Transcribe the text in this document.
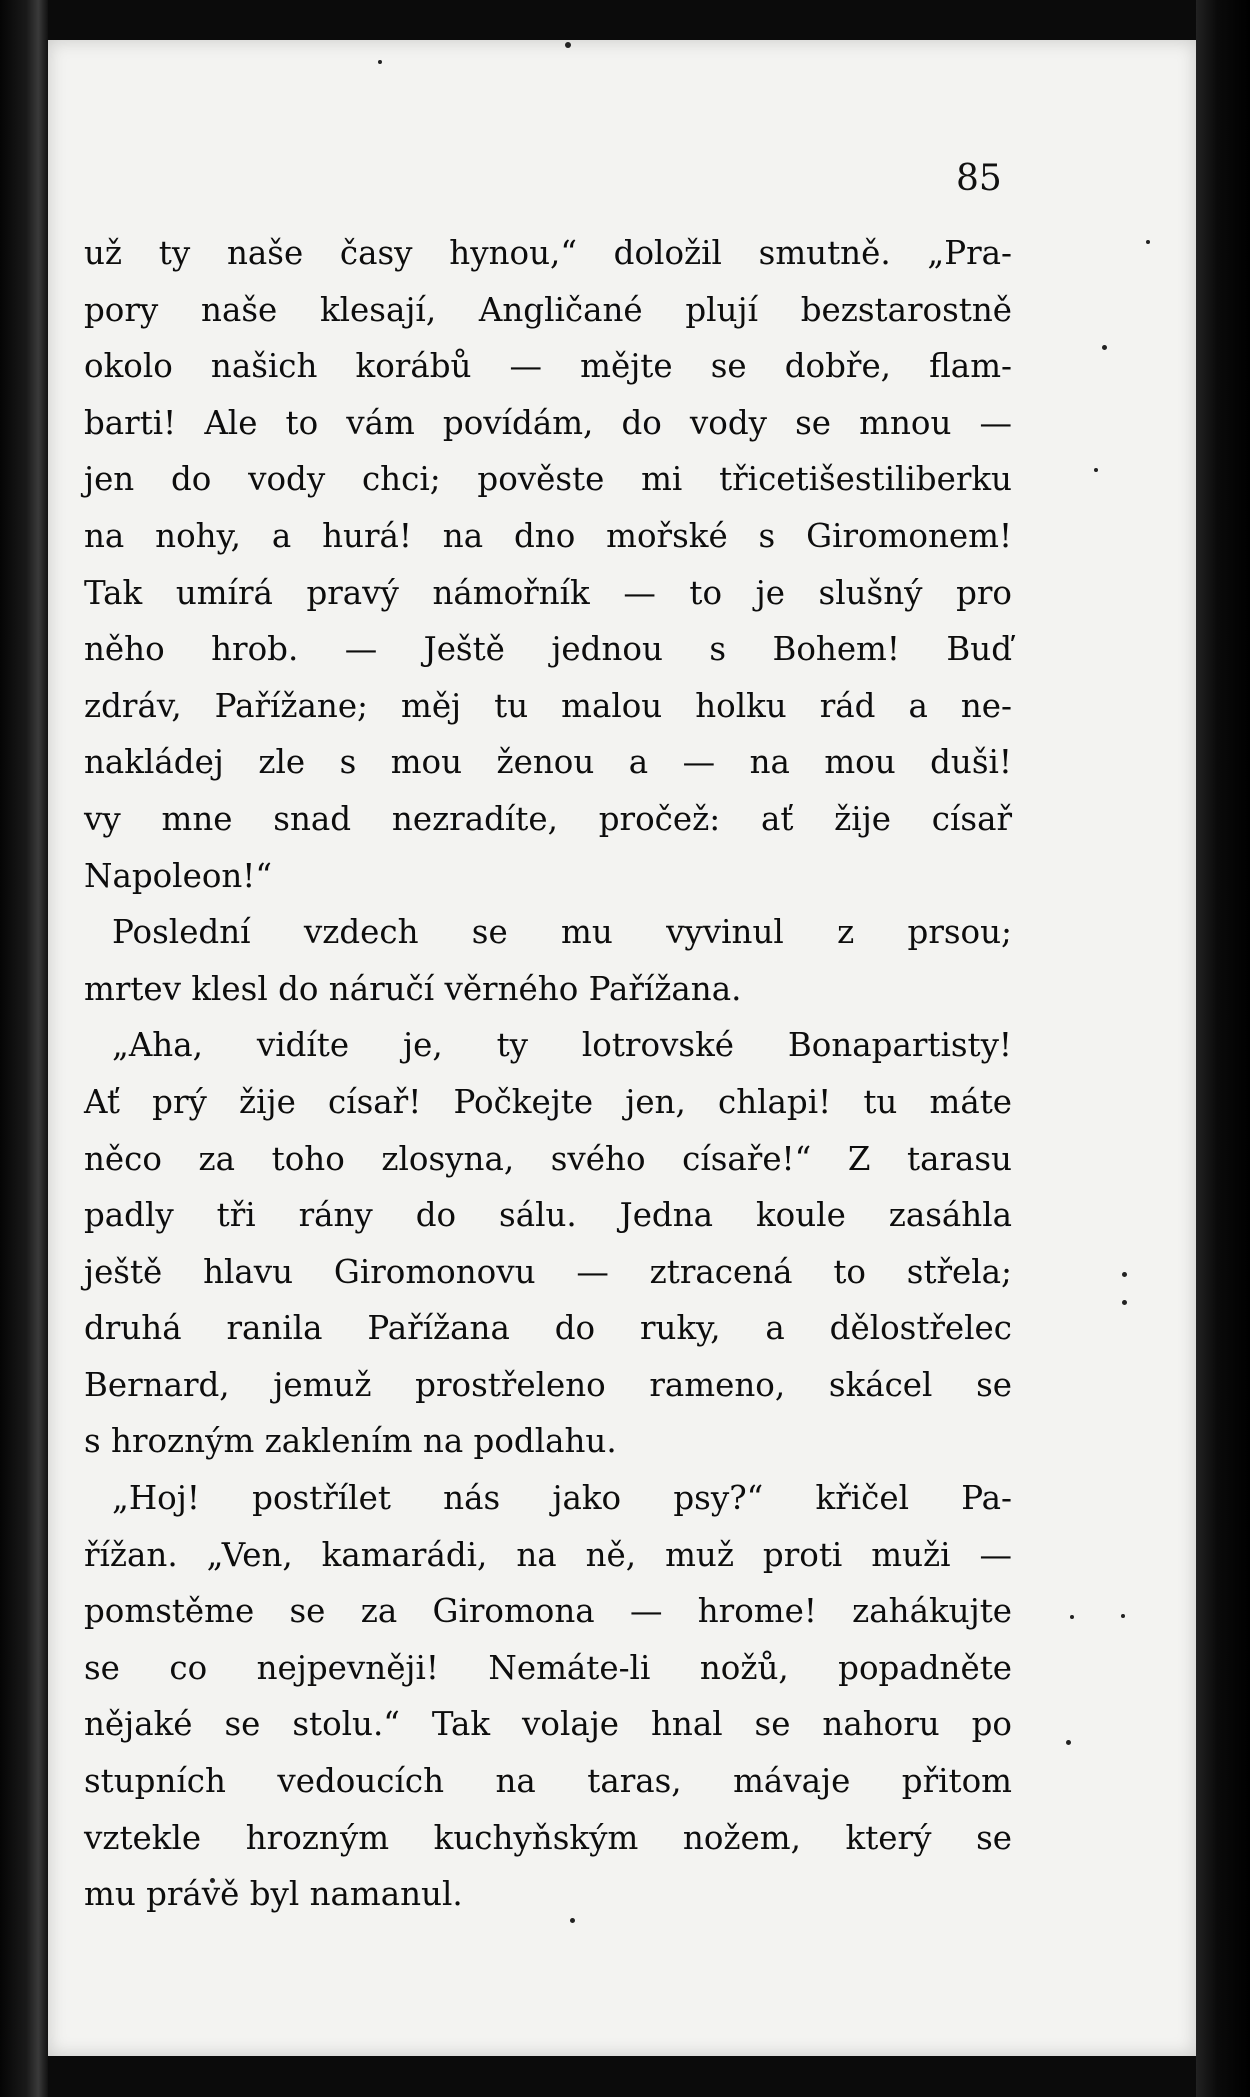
85
už ty naše časy hynou,“ doložil smutně. „Pra-
pory naše klesají, Angličané plují bezstarostně
okolo našich korábů — mějte se dobře, flam-
barti! Ale to vám povídám, do vody se mnou —
jen do vody chci; pověste mi třicetišestiliberku
na nohy, a hurá! na dno mořské s Giromonem!
Tak umírá pravý námořník — to je slušný pro
něho hrob. — Ještě jednou s Bohem! Buď
zdráv, Pařížane; měj tu malou holku rád a ne-
nakládej zle s mou ženou a — na mou duši!
vy mne snad nezradíte, pročež: ať žije císař
Napoleon!“
Poslední vzdech se mu vyvinul z prsou;
mrtev klesl do náručí věrného Pařížana.
„Aha, vidíte je, ty lotrovské Bonapartisty!
Ať prý žije císař! Počkejte jen, chlapi! tu máte
něco za toho zlosyna, svého císaře!“ Z tarasu
padly tři rány do sálu. Jedna koule zasáhla
ještě hlavu Giromonovu — ztracená to střela;
druhá ranila Pařížana do ruky, a dělostřelec
Bernard, jemuž prostřeleno rameno, skácel se
s hrozným zaklením na podlahu.
„Hoj! postřílet nás jako psy?“ křičel Pa-
řížan. „Ven, kamarádi, na ně, muž proti muži —
pomstěme se za Giromona — hrome! zahákujte
se co nejpevněji! Nemáte-li nožů, popadněte
nějaké se stolu.“ Tak volaje hnal se nahoru po
stupních vedoucích na taras, mávaje přitom
vztekle hrozným kuchyňským nožem, který se
mu právě byl namanul.
